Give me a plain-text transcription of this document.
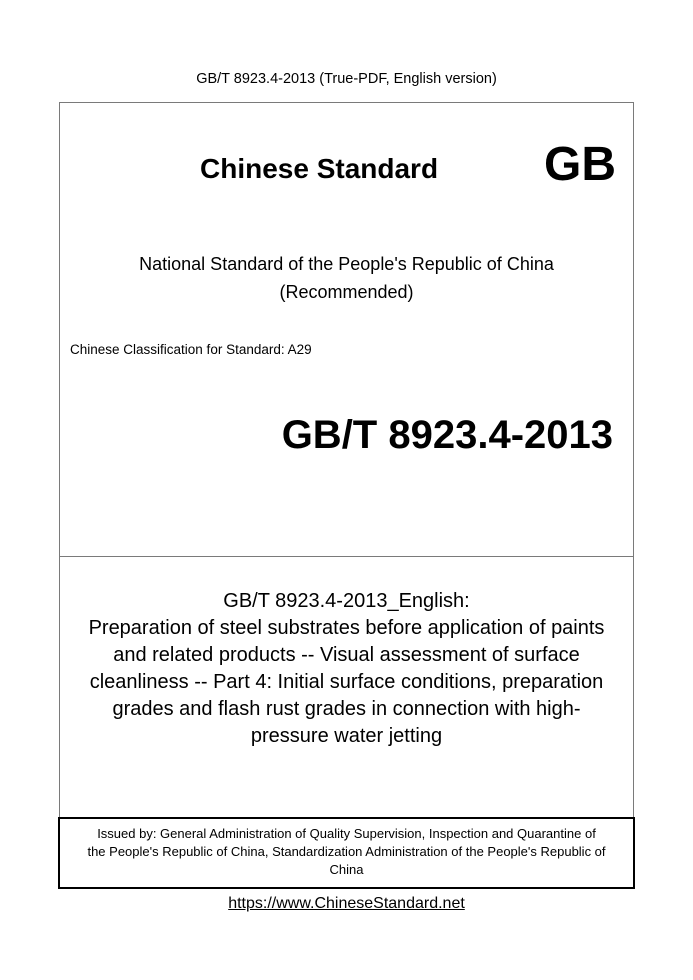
GB/T 8923.4-2013 (True-PDF, English version)
Chinese Standard GB
National Standard of the People's Republic of China
(Recommended)
Chinese Classification for Standard: A29
GB/T 8923.4-2013
GB/T 8923.4-2013_English:
Preparation of steel substrates before application of paints
and related products -- Visual assessment of surface
cleanliness -- Part 4: Initial surface conditions, preparation
grades and flash rust grades in connection with high-
pressure water jetting
Issued by: General Administration of Quality Supervision, Inspection and Quarantine of
the People's Republic of China, Standardization Administration of the People's Republic of
China
https://www.ChineseStandard.net
